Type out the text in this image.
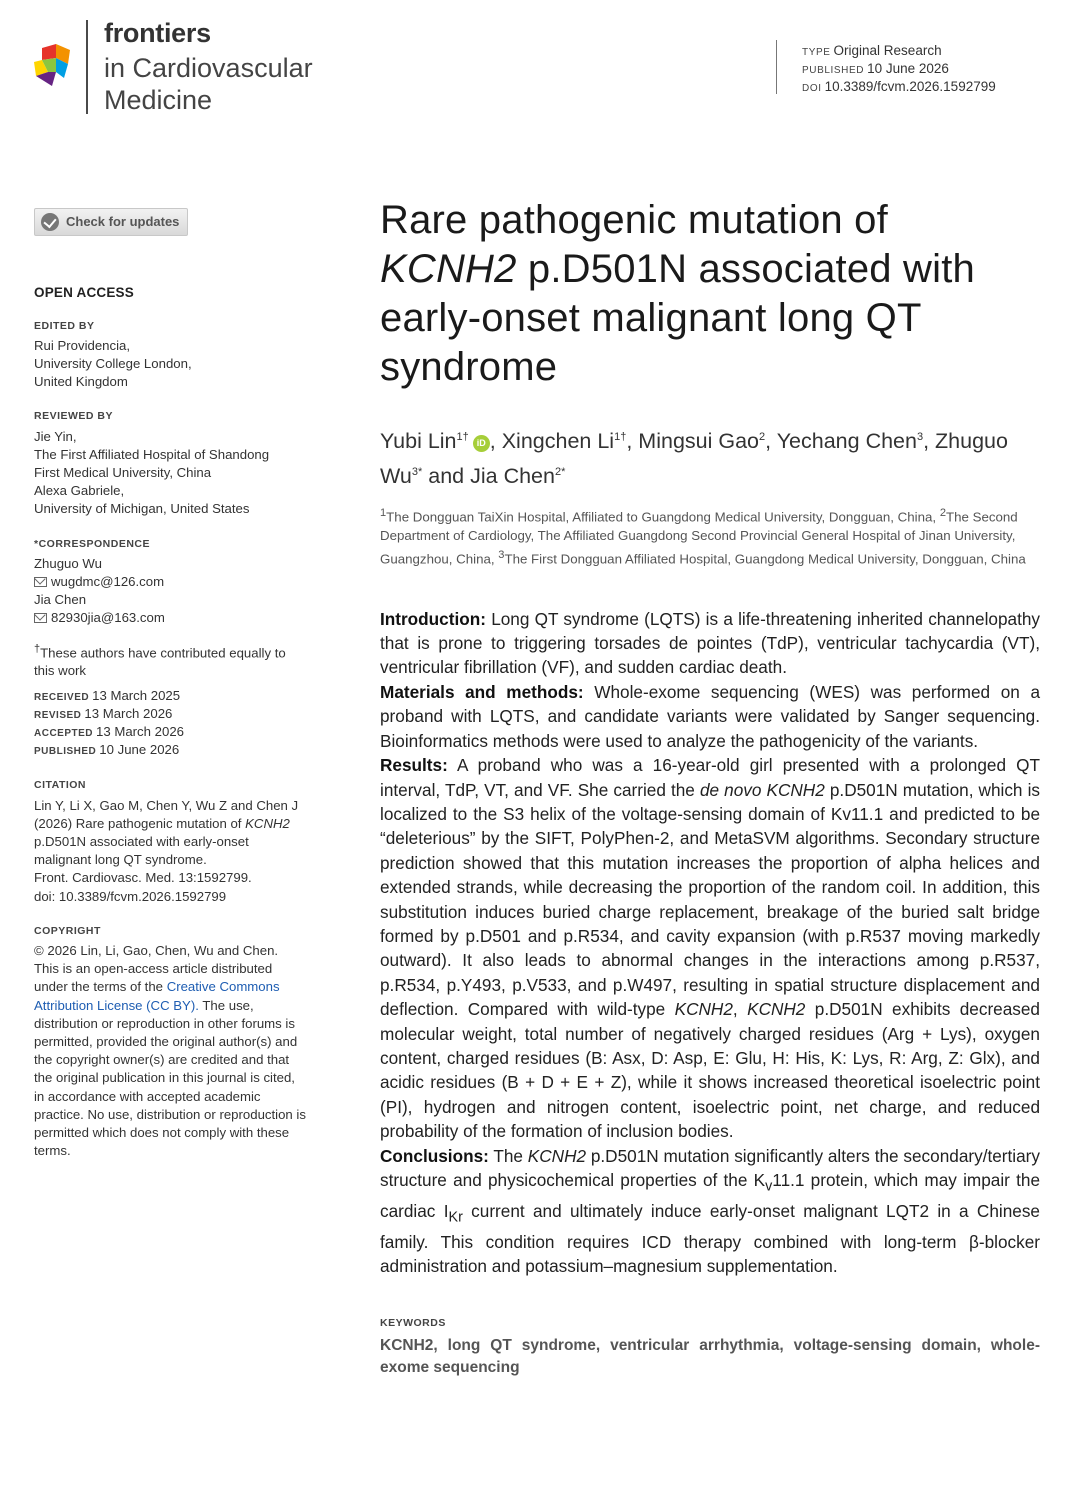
frontiers
in Cardiovascular
Medicine
TYPE Original Research
PUBLISHED 10 June 2026
DOI 10.3389/fcvm.2026.1592799
Check for updates
OPEN ACCESS
EDITED BY
Rui Providencia,
University College London,
United Kingdom
REVIEWED BY
Jie Yin,
The First Affiliated Hospital of Shandong
First Medical University, China
Alexa Gabriele,
University of Michigan, United States
*CORRESPONDENCE
Zhuguo Wu
wugdmc@126.com
Jia Chen
82930jia@163.com
†These authors have contributed equally to this work
RECEIVED 13 March 2025
REVISED 13 March 2026
ACCEPTED 13 March 2026
PUBLISHED 10 June 2026
CITATION
Lin Y, Li X, Gao M, Chen Y, Wu Z and Chen J (2026) Rare pathogenic mutation of KCNH2 p.D501N associated with early-onset malignant long QT syndrome.
Front. Cardiovasc. Med. 13:1592799.
doi: 10.3389/fcvm.2026.1592799
COPYRIGHT
© 2026 Lin, Li, Gao, Chen, Wu and Chen. This is an open-access article distributed under the terms of the Creative Commons Attribution License (CC BY). The use, distribution or reproduction in other forums is permitted, provided the original author(s) and the copyright owner(s) are credited and that the original publication in this journal is cited, in accordance with accepted academic practice. No use, distribution or reproduction is permitted which does not comply with these terms.
Rare pathogenic mutation of
KCNH2 p.D501N associated with early-onset malignant long QT syndrome
Yubi Lin$^{1\dagger}$iD , Xingchen $Li^{1\dagger}$, Mingsui Gao$^2$, Yechang Chen$^3$, Zhuguo $Wu^{3*}$ and Jia Chen$^{2*}$
$^1$The Dongguan TaiXin Hospital, Affiliated to Guangdong Medical University, Dongguan, China, $^2$The Second Department of Cardiology, The Affiliated Guangdong Second Provincial General Hospital of Jinan University, Guangzhou, China, $^3$The First Dongguan Affiliated Hospital, Guangdong Medical University, Dongguan, China

Introduction: Long QT syndrome (LQTS) is a life-threatening inherited channelopathy that is prone to triggering torsades de pointes (TdP), ventricular tachycardia (VT), ventricular fibrillation (VF), and sudden cardiac death.

Materials and methods: Whole-exome sequencing (WES) was performed on a proband with LQTS, and candidate variants were validated by Sanger sequencing. Bioinformatics methods were used to analyze the pathogenicity of the variants.

Results: A proband who was a 16-year-old girl presented with a prolonged QT interval, TdP, VT, and VF. She carried the de novo KCNH2 p.D501N mutation, which is localized to the S3 helix of the voltage-sensing domain of Kv11.1 and predicted to be “deleterious” by the SIFT, PolyPhen-2, and MetaSVM algorithms. Secondary structure prediction showed that this mutation increases the proportion of alpha helices and extended strands, while decreasing the proportion of the random coil. In addition, this substitution induces buried charge replacement, breakage of the buried salt bridge formed by p.D501 and p.R534, and cavity expansion (with p.R537 moving markedly outward). It also leads to abnormal changes in the interactions among p.R537, p.R534, p.Y493, p.V533, and p.W497, resulting in spatial structure displacement and deflection. Compared with wild-type KCNH2, KCNH2 p.D501N exhibits decreased molecular weight, total number of negatively charged residues (Arg + Lys), oxygen content, charged residues (B: Asx, D: Asp, E: Glu, H: His, K: Lys, R: Arg, Z: Glx), and acidic residues (B + D + E + Z), while it shows increased theoretical isoelectric point (PI), hydrogen and nitrogen content, isoelectric point, net charge, and reduced probability of the formation of inclusion bodies.

Conclusions: The KCNH2 p.D501N mutation significantly alters the secondary/tertiary structure and physicochemical properties of the $K_v11.1$ protein, which may impair the cardiac $I_{Kr}$ current and ultimately induce early-onset malignant LQT2 in a Chinese family. This condition requires ICD therapy combined with long-term β-blocker administration and potassium–magnesium supplementation.

KEYWORDS
KCNH2, long QT syndrome, ventricular arrhythmia, voltage-sensing domain, whole-exome sequencing
